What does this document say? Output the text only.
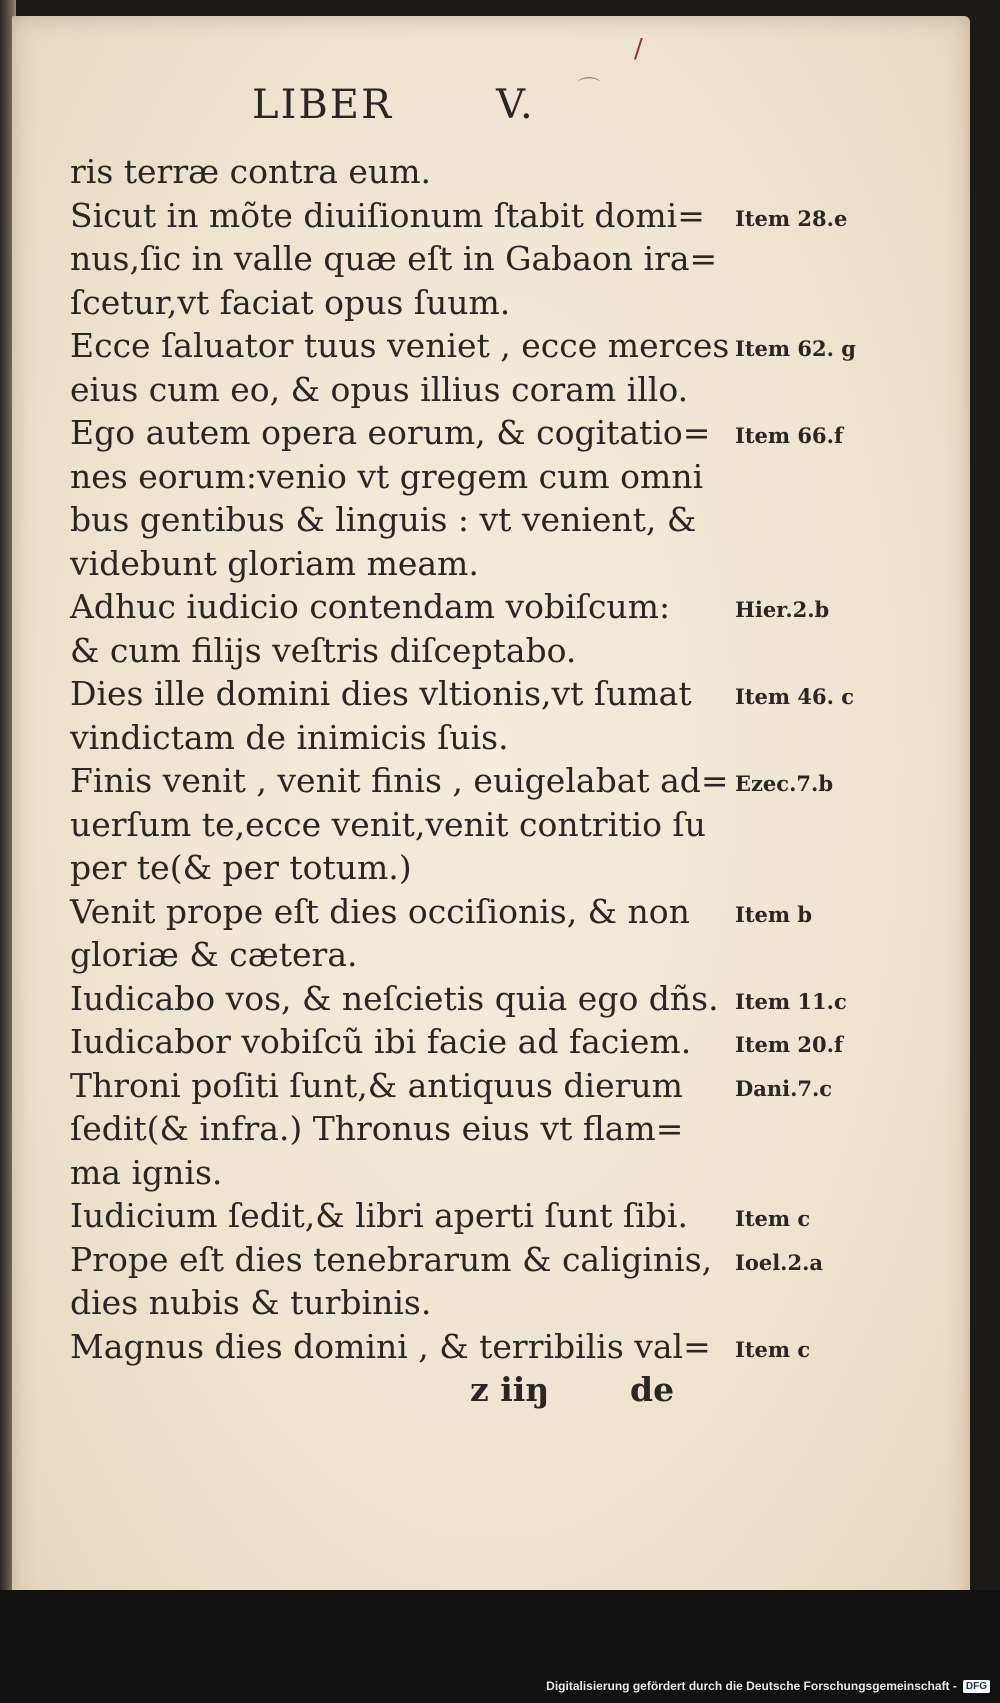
/
⌒
LIBER       V.
ris terræ contra eum.
Sicut in mõte diuiſionum ſtabit domi= Item 28.e
nus,ſic in valle quæ eſt in Gabaon ira=
ſcetur,vt faciat opus ſuum.
Ecce ſaluator tuus veniet , ecce merces Item 62. g
eius cum eo, & opus illius coram illo.
Ego autem opera eorum, & cogitatio= Item 66.f
nes eorum:venio vt gregem cum omni
bus gentibus & linguis : vt venient, &
videbunt gloriam meam.
Adhuc iudicio contendam vobiſcum:	Hier.2.b
& cum filijs veſtris diſceptabo.
Dies ille domini dies vltionis,vt ſumat Item 46. c
vindictam de inimicis ſuis.
Finis venit , venit finis , euigelabat ad= Ezec.7.b
uerſum te,ecce venit,venit contritio ſu
per te(& per totum.)
Venit prope eſt dies occiſionis, & non Item b
gloriæ & cætera.
Iudicabo vos, & neſcietis quia ego dñs. Item 11.c
Iudicabor vobiſcũ ibi facie ad faciem. Item 20.f
Throni poſiti ſunt,& antiquus dierum Dani.7.c
ſedit(& infra.) Thronus eius vt flam=
ma ignis.
Iudicium ſedit,& libri aperti ſunt ſibi. Item c
Prope eſt dies tenebrarum & caliginis, Ioel.2.a
dies nubis & turbinis.
Magnus dies domini , & terribilis val= Item c
z iiŋ de
Digitalisierung gefördert durch die Deutsche Forschungsgemeinschaft - DFG
